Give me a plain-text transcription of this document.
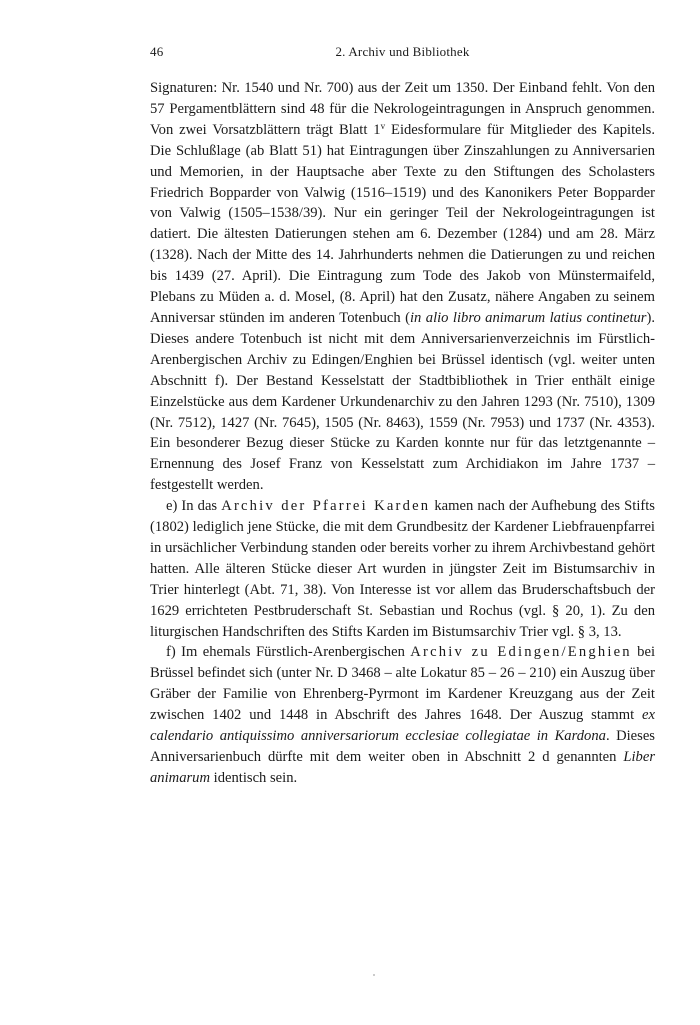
46	2. Archiv und Bibliothek

Signaturen: Nr. 1540 und Nr. 700) aus der Zeit um 1350. Der Einband fehlt. Von den 57 Pergamentblättern sind 48 für die Nekrologeintragungen in Anspruch genommen. Von zwei Vorsatzblättern trägt Blatt 1$^v$ Eidesformulare für Mitglieder des Kapitels. Die Schlußlage (ab Blatt 51) hat Eintragungen über Zinszahlungen zu Anniversarien und Memorien, in der Hauptsache aber Texte zu den Stiftungen des Scholasters Friedrich Bopparder von Valwig (1516–1519) und des Kanonikers Peter Bopparder von Valwig (1505–1538/39). Nur ein geringer Teil der Nekrologeintragungen ist datiert. Die ältesten Datierungen stehen am 6. Dezember (1284) und am 28. März (1328). Nach der Mitte des 14. Jahrhunderts nehmen die Datierungen zu und reichen bis 1439 (27. April). Die Eintragung zum Tode des Jakob von Münstermaifeld, Plebans zu Müden a. d. Mosel, (8. April) hat den Zusatz, nähere Angaben zu seinem Anniversar stünden im anderen Totenbuch (in alio libro animarum latius continetur). Dieses andere Totenbuch ist nicht mit dem Anniversarienverzeichnis im Fürstlich-Arenbergischen Archiv zu Edingen/Enghien bei Brüssel identisch (vgl. weiter unten Abschnitt f). Der Bestand Kesselstatt der Stadtbibliothek in Trier enthält einige Einzelstücke aus dem Kardener Urkundenarchiv zu den Jahren 1293 (Nr. 7510), 1309 (Nr. 7512), 1427 (Nr. 7645), 1505 (Nr. 8463), 1559 (Nr. 7953) und 1737 (Nr. 4353). Ein besonderer Bezug dieser Stücke zu Karden konnte nur für das letztgenannte – Ernennung des Josef Franz von Kesselstatt zum Archidiakon im Jahre 1737 – festgestellt werden.

e) In das Archiv der Pfarrei Karden kamen nach der Aufhebung des Stifts (1802) lediglich jene Stücke, die mit dem Grundbesitz der Kardener Liebfrauenpfarrei in ursächlicher Verbindung standen oder bereits vorher zu ihrem Archivbestand gehört hatten. Alle älteren Stücke dieser Art wurden in jüngster Zeit im Bistumsarchiv in Trier hinterlegt (Abt. 71, 38). Von Interesse ist vor allem das Bruderschaftsbuch der 1629 errichteten Pestbruderschaft St. Sebastian und Rochus (vgl. § 20, 1). Zu den liturgischen Handschriften des Stifts Karden im Bistumsarchiv Trier vgl. § 3, 13.

f) Im ehemals Fürstlich-Arenbergischen Archiv zu Edingen/Enghien bei Brüssel befindet sich (unter Nr. D 3468 – alte Lokatur 85 – 26 – 210) ein Auszug über Gräber der Familie von Ehrenberg-Pyrmont im Kardener Kreuzgang aus der Zeit zwischen 1402 und 1448 in Abschrift des Jahres 1648. Der Auszug stammt ex calendario antiquissimo anniversariorum ecclesiae collegiatae in Kardona. Dieses Anniversarienbuch dürfte mit dem weiter oben in Abschnitt 2 d genannten Liber animarum identisch sein.
